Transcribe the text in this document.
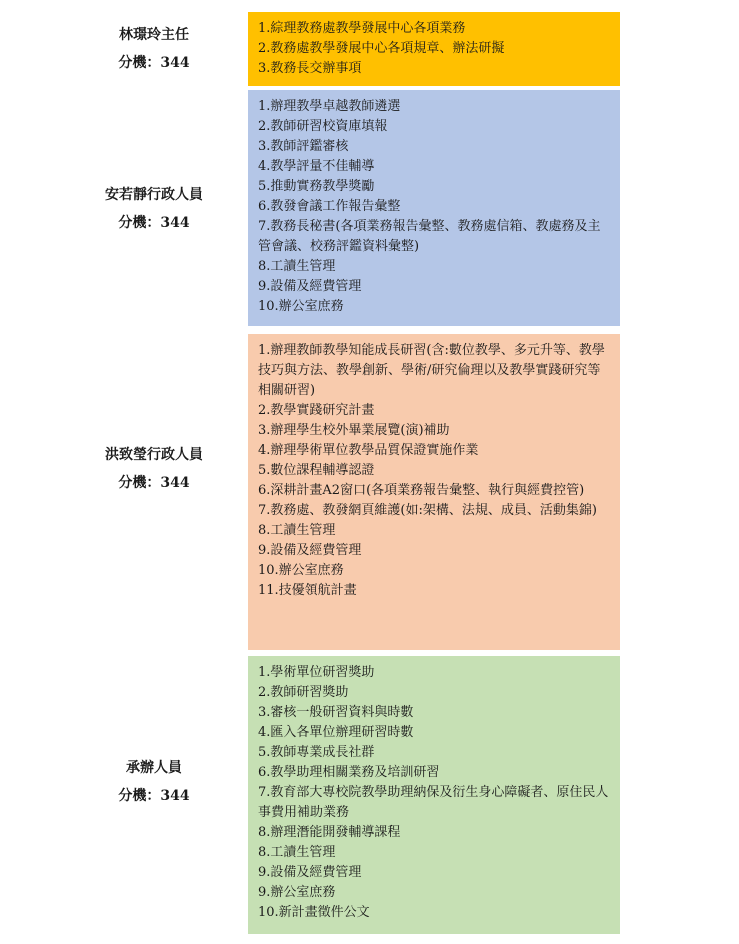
林璟玲主任
分機：344
1.綜理教務處教學發展中心各項業務
2.教務處教學發展中心各項規章、辦法研擬
3.教務長交辦事項
安若靜行政人員
分機：344
1.辦理教學卓越教師遴選
2.教師研習校資庫填報
3.教師評鑑審核
4.教學評量不佳輔導
5.推動實務教學獎勵
6.教發會議工作報告彙整
7.教務長秘書(各項業務報告彙整、教務處信箱、教處務及主管會議、校務評鑑資料彙整)
8.工讀生管理
9.設備及經費管理
10.辦公室庶務
洪致瑩行政人員
分機：344
1.辦理教師教學知能成長研習(含:數位教學、多元升等、教學技巧與方法、教學創新、學術/研究倫理以及教學實踐研究等相關研習)
2.教學實踐研究計畫
3.辦理學生校外畢業展覽(演)補助
4.辦理學術單位教學品質保證實施作業
5.數位課程輔導認證
6.深耕計畫A2窗口(各項業務報告彙整、執行與經費控管)
7.教務處、教發網頁維護(如:架構、法規、成員、活動集錦)
8.工讀生管理
9.設備及經費管理
10.辦公室庶務
11.技優領航計畫
承辦人員
分機：344
1.學術單位研習獎助
2.教師研習獎助
3.審核一般研習資料與時數
4.匯入各單位辦理研習時數
5.教師專業成長社群
6.教學助理相關業務及培訓研習
7.教育部大專校院教學助理納保及衍生身心障礙者、原住民人事費用補助業務
8.辦理潛能開發輔導課程
8.工讀生管理
9.設備及經費管理
9.辦公室庶務
10.新計畫徵件公文
